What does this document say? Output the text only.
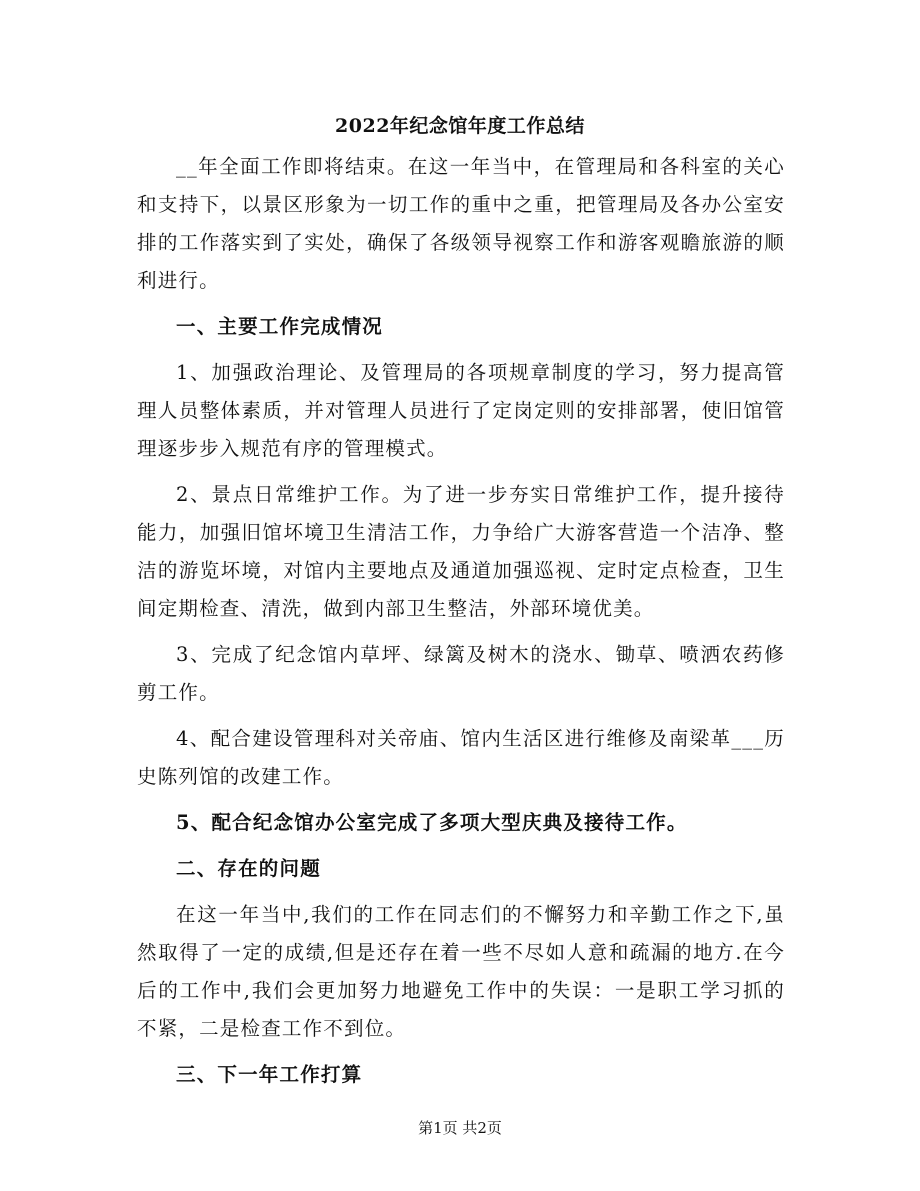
2022年纪念馆年度工作总结

__年全面工作即将结束。在这一年当中，在管理局和各科室的关心和支持下，以景区形象为一切工作的重中之重，把管理局及各办公室安排的工作落实到了实处，确保了各级领导视察工作和游客观瞻旅游的顺利进行。

一、主要工作完成情况

1、加强政治理论、及管理局的各项规章制度的学习，努力提高管理人员整体素质，并对管理人员进行了定岗定则的安排部署，使旧馆管理逐步步入规范有序的管理模式。

2、景点日常维护工作。为了进一步夯实日常维护工作，提升接待能力，加强旧馆坏境卫生清洁工作，力争给广大游客营造一个洁净、整洁的游览坏境，对馆内主要地点及通道加强巡视、定时定点检查，卫生间定期检查、清洗，做到内部卫生整洁，外部环境优美。

3、完成了纪念馆内草坪、绿篱及树木的浇水、锄草、喷洒农药修剪工作。

4、配合建设管理科对关帝庙、馆内生活区进行维修及南梁革___历史陈列馆的改建工作。

5、配合纪念馆办公室完成了多项大型庆典及接待工作。

二、存在的问题

在这一年当中,我们的工作在同志们的不懈努力和辛勤工作之下,虽然取得了一定的成绩,但是还存在着一些不尽如人意和疏漏的地方.在今后的工作中,我们会更加努力地避免工作中的失误：一是职工学习抓的不紧，二是检查工作不到位。

三、下一年工作打算

第1页 共2页
